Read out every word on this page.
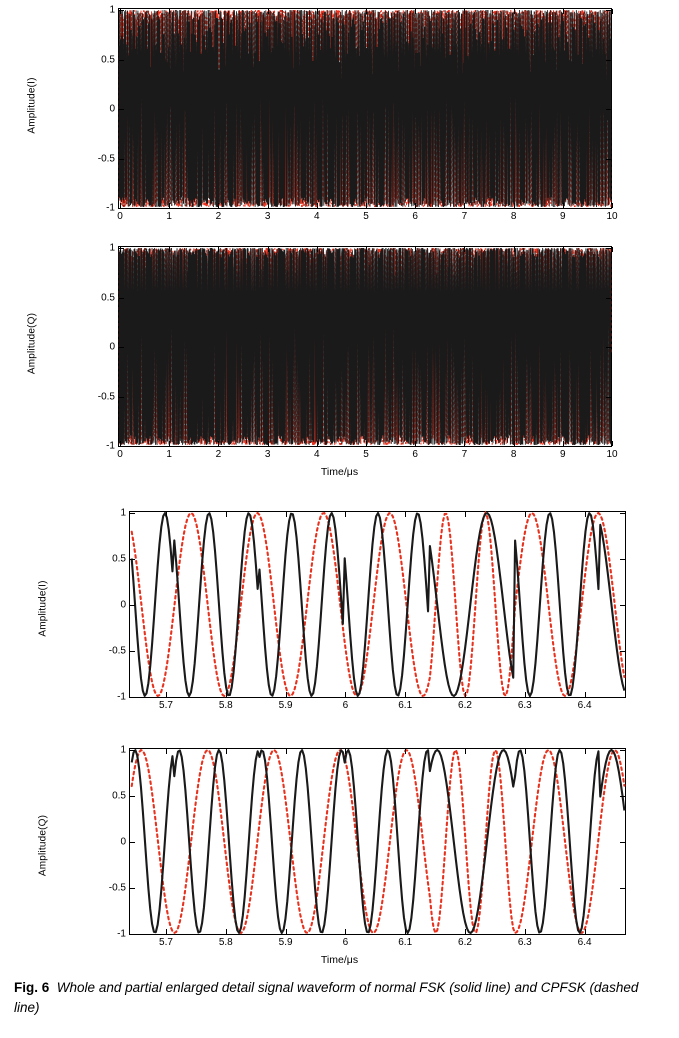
Amplitude(I)
1
0.5
0
-0.5
-1
0	1	2	3	4	5	6	7	8	9	10
Amplitude(Q)
1
0.5
0
-0.5
-1
0	1	2	3	4	5	6	7	8	9	10
Time/μs
Amplitude(I)
1
0.5
0
-0.5
-1
5.7	5.8	5.9	6	6.1	6.2	6.3	6.4
Amplitude(Q)
1
0.5
0
-0.5
-1
5.7	5.8	5.9	6	6.1	6.2	6.3	6.4
Time/μs
Fig. 6 Whole and partial enlarged detail signal waveform of normal FSK (solid line) and CPFSK (dashed line)
